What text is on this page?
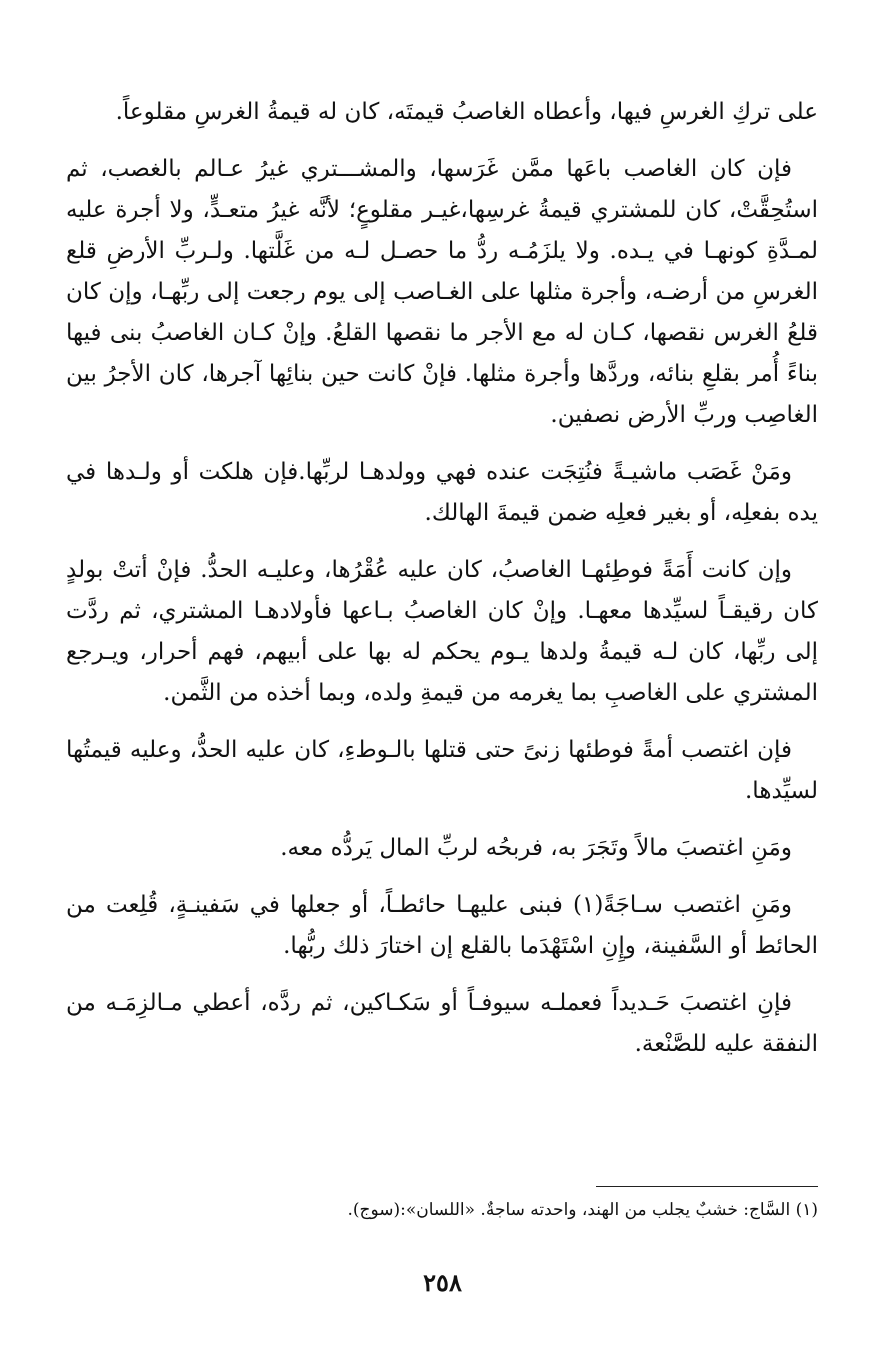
على تركِ الغرسِ فيها، وأعطاه الغاصبُ قيمتَه، كان له قيمةُ الغرسِ مقلوعاً.

فإن كان الغاصب باعَها ممَّن غَرَسها، والمشـــتري غيرُ عـالم بالغصب، ثم استُحِقَّتْ، كان للمشتري قيمةُ غرسِها،غيـر مقلوعٍ؛ لأنَّه غيرُ متعـدٍّ، ولا أجرة عليه لمـدَّةِ كونهـا في يـده. ولا يلزَمُـه ردُّ ما حصـل لـه من غَلَّتها. ولـربِّ الأرضِ قلع الغرسِ من أرضـه، وأجرة مثلها على الغـاصب إلى يوم رجعت إلى ربِّهـا، وإن كان قلعُ الغرس نقصها، كـان له مع الأجر ما نقصها القلعُ. وإنْ كـان الغاصبُ بنى فيها بناءً أُمر بقلعِ بنائه، وردَّها وأجرة مثلها. فإنْ كانت حين بنائِها آجرها، كان الأجرُ بين الغاصِب وربِّ الأرض نصفين.

ومَنْ غَصَب ماشيـةً فنُتِجَت عنده فهي وولدهـا لربِّها.فإن هلكت أو ولـدها في يده بفعلِه، أو بغير فعلِه ضمن قيمةَ الهالك.

وإن كانت أَمَةً فوطِئهـا الغاصبُ، كان عليه عُقْرُها، وعليـه الحدُّ. فإنْ أتتْ بولدٍ كان رقيقـاً لسيِّدها معهـا. وإنْ كان الغاصبُ بـاعها فأولادهـا المشتري، ثم ردَّت إلى ربِّها، كان لـه قيمةُ ولدها يـوم يحكم له بها على أبيهم، فهم أحرار، ويـرجع المشتري على الغاصبِ بما يغرمه من قيمةِ ولده، وبما أخذه من الثَّمن.

فإن اغتصب أمةً فوطئها زنىً حتى قتلها بالـوطءِ، كان عليه الحدُّ، وعليه قيمتُها لسيِّدها.

ومَنِ اغتصبَ مالاً وتَجَرَ به، فربحُه لربِّ المال يَردُّه معه.

ومَنِ اغتصب سـاجَةً(١) فبنى عليهـا حائطـاً، أو جعلها في سَفينـةٍ، قُلِعت من الحائط أو السَّفينة، وإِنِ اسْتَهْدَما بالقلع إن اختارَ ذلك ربُّها.

فإنِ اغتصبَ حَـديداً فعملـه سيوفـاً أو سَكـاكين، ثم ردَّه، أعطي مـالزِمَـه من النفقة عليه للصَّنْعة.

(١) السَّاج: خشبٌ يجلب من الهند، واحدته ساجةٌ. «اللسان»:(سوج).
٢٥٨
